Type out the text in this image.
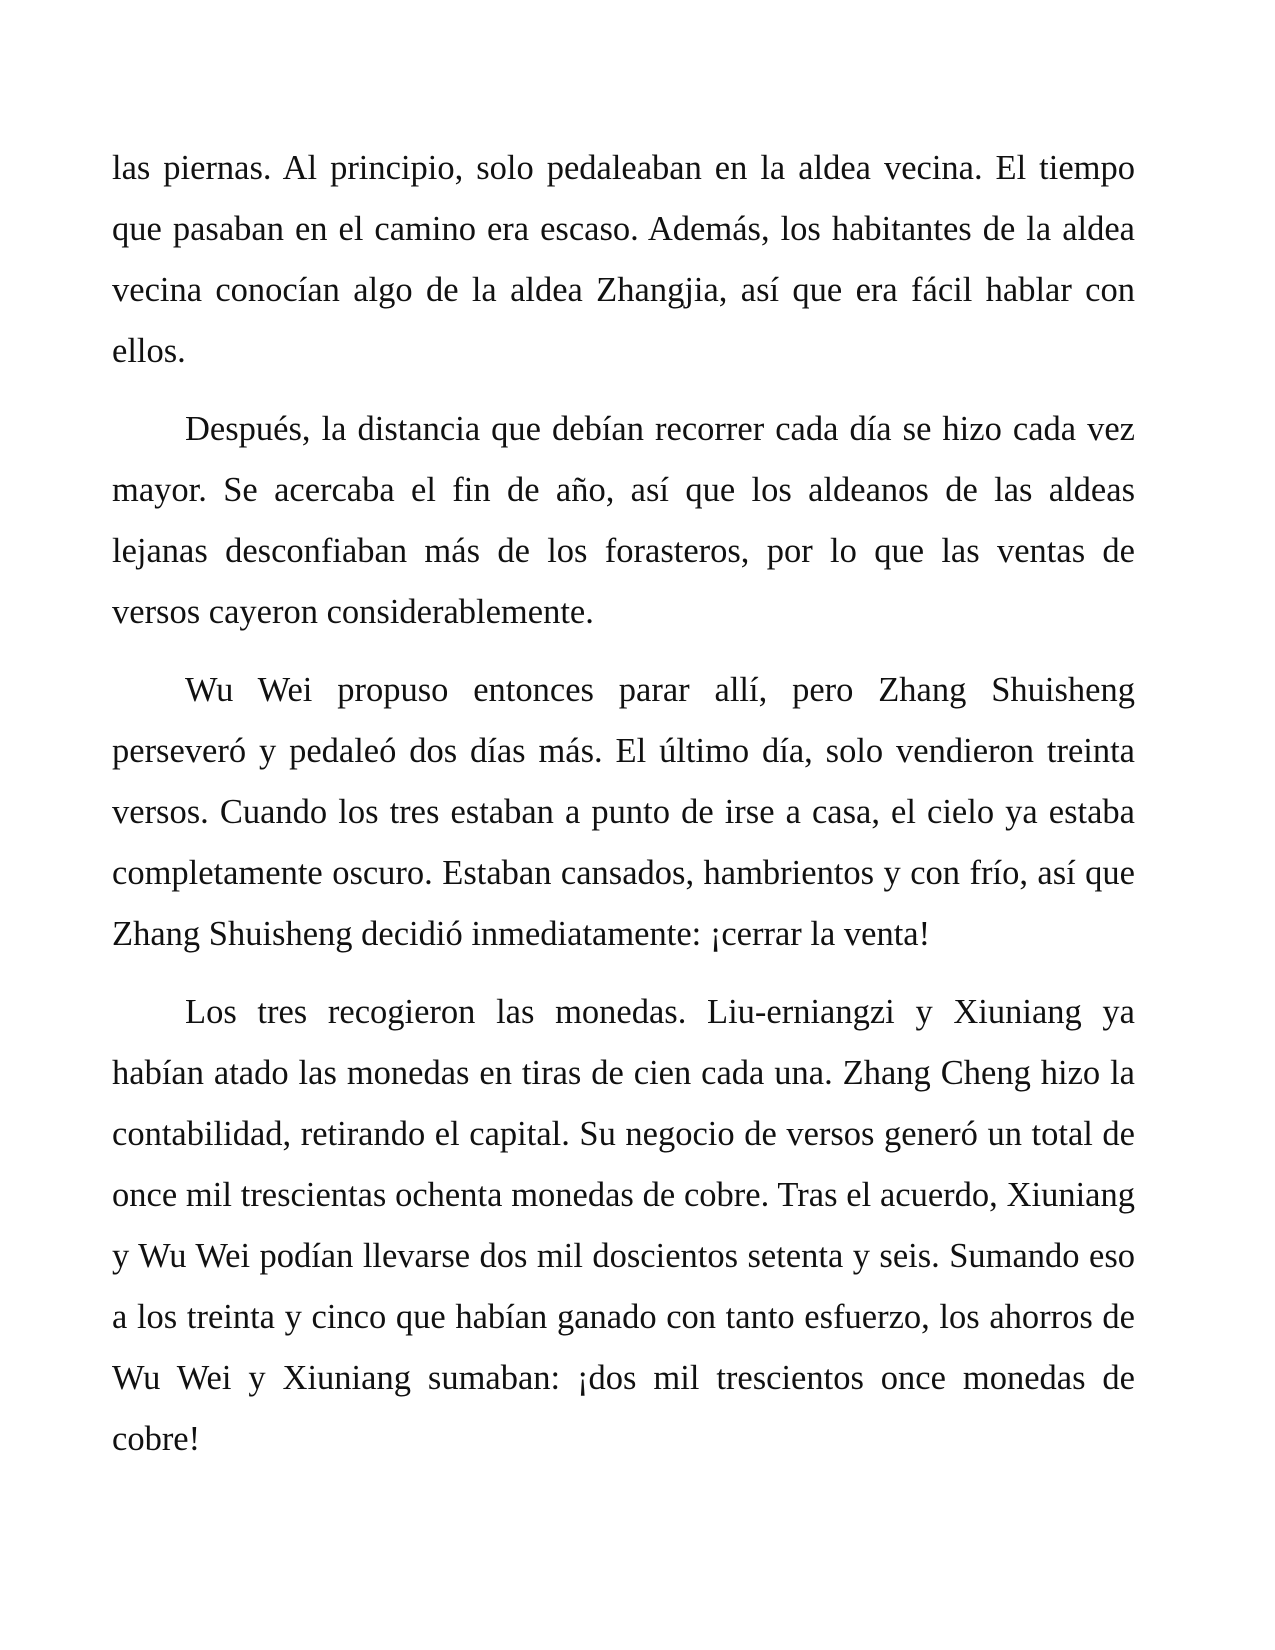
las piernas. Al principio, solo pedaleaban en la aldea vecina. El tiempo que pasaban en el camino era escaso. Además, los habitantes de la aldea vecina conocían algo de la aldea Zhangjia, así que era fácil hablar con ellos.

Después, la distancia que debían recorrer cada día se hizo cada vez mayor. Se acercaba el fin de año, así que los aldeanos de las aldeas lejanas desconfiaban más de los forasteros, por lo que las ventas de versos cayeron considerablemente.

Wu Wei propuso entonces parar allí, pero Zhang Shuisheng perseveró y pedaleó dos días más. El último día, solo vendieron treinta versos. Cuando los tres estaban a punto de irse a casa, el cielo ya estaba completamente oscuro. Estaban cansados, hambrientos y con frío, así que Zhang Shuisheng decidió inmediatamente: ¡cerrar la venta!

Los tres recogieron las monedas. Liu-erniangzi y Xiuniang ya habían atado las monedas en tiras de cien cada una. Zhang Cheng hizo la contabilidad, retirando el capital. Su negocio de versos generó un total de once mil trescientas ochenta monedas de cobre. Tras el acuerdo, Xiuniang y Wu Wei podían llevarse dos mil doscientos setenta y seis. Sumando eso a los treinta y cinco que habían ganado con tanto esfuerzo, los ahorros de Wu Wei y Xiuniang sumaban: ¡dos mil trescientos once monedas de cobre!
